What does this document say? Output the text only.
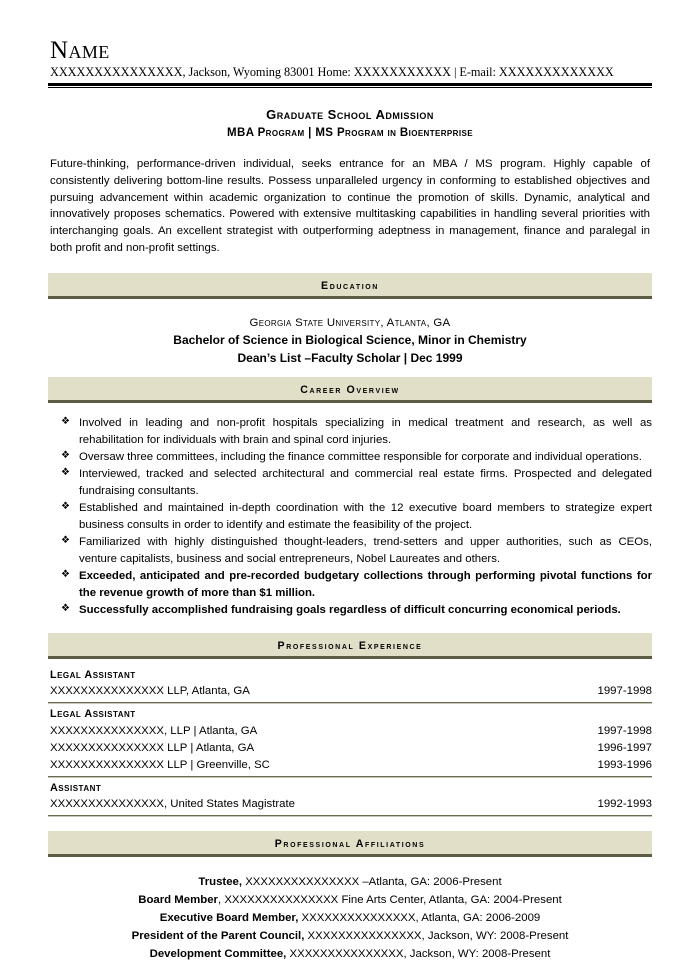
Name
XXXXXXXXXXXXXXX, Jackson, Wyoming 83001 Home: XXXXXXXXXXX | E-mail: XXXXXXXXXXXXX
Graduate School Admission
MBA Program | MS Program in Bioenterprise
Future-thinking, performance-driven individual, seeks entrance for an MBA / MS program. Highly capable of consistently delivering bottom-line results. Possess unparalleled urgency in conforming to established objectives and pursuing advancement within academic organization to continue the promotion of skills. Dynamic, analytical and innovatively proposes schematics. Powered with extensive multitasking capabilities in handling several priorities with interchanging goals. An excellent strategist with outperforming adeptness in management, finance and paralegal in both profit and non-profit settings.
Education
Georgia State University, Atlanta, GA
Bachelor of Science in Biological Science, Minor in Chemistry
Dean’s List –Faculty Scholar | Dec 1999
Career Overview
❖ Involved in leading and non-profit hospitals specializing in medical treatment and research, as well as rehabilitation for individuals with brain and spinal cord injuries.
❖ Oversaw three committees, including the finance committee responsible for corporate and individual operations.
❖ Interviewed, tracked and selected architectural and commercial real estate firms. Prospected and delegated fundraising consultants.
❖ Established and maintained in-depth coordination with the 12 executive board members to strategize expert business consults in order to identify and estimate the feasibility of the project.
❖ Familiarized with highly distinguished thought-leaders, trend-setters and upper authorities, such as CEOs, venture capitalists, business and social entrepreneurs, Nobel Laureates and others.
❖ Exceeded, anticipated and pre-recorded budgetary collections through performing pivotal functions for the revenue growth of more than $1 million.
❖ Successfully accomplished fundraising goals regardless of difficult concurring economical periods.
Professional Experience
Legal Assistant
XXXXXXXXXXXXXXX LLP, Atlanta, GA	1997-1998
Legal Assistant
XXXXXXXXXXXXXXX, LLP | Atlanta, GA	1997-1998
XXXXXXXXXXXXXXX LLP | Atlanta, GA	1996-1997
XXXXXXXXXXXXXXX LLP | Greenville, SC	1993-1996
Assistant
XXXXXXXXXXXXXXX, United States Magistrate	1992-1993
Professional Affiliations
Trustee, XXXXXXXXXXXXXXX –Atlanta, GA: 2006-Present
Board Member, XXXXXXXXXXXXXXX Fine Arts Center, Atlanta, GA: 2004-Present
Executive Board Member, XXXXXXXXXXXXXXX, Atlanta, GA: 2006-2009
President of the Parent Council, XXXXXXXXXXXXXXX, Jackson, WY: 2008-Present
Development Committee, XXXXXXXXXXXXXXX, Jackson, WY: 2008-Present
